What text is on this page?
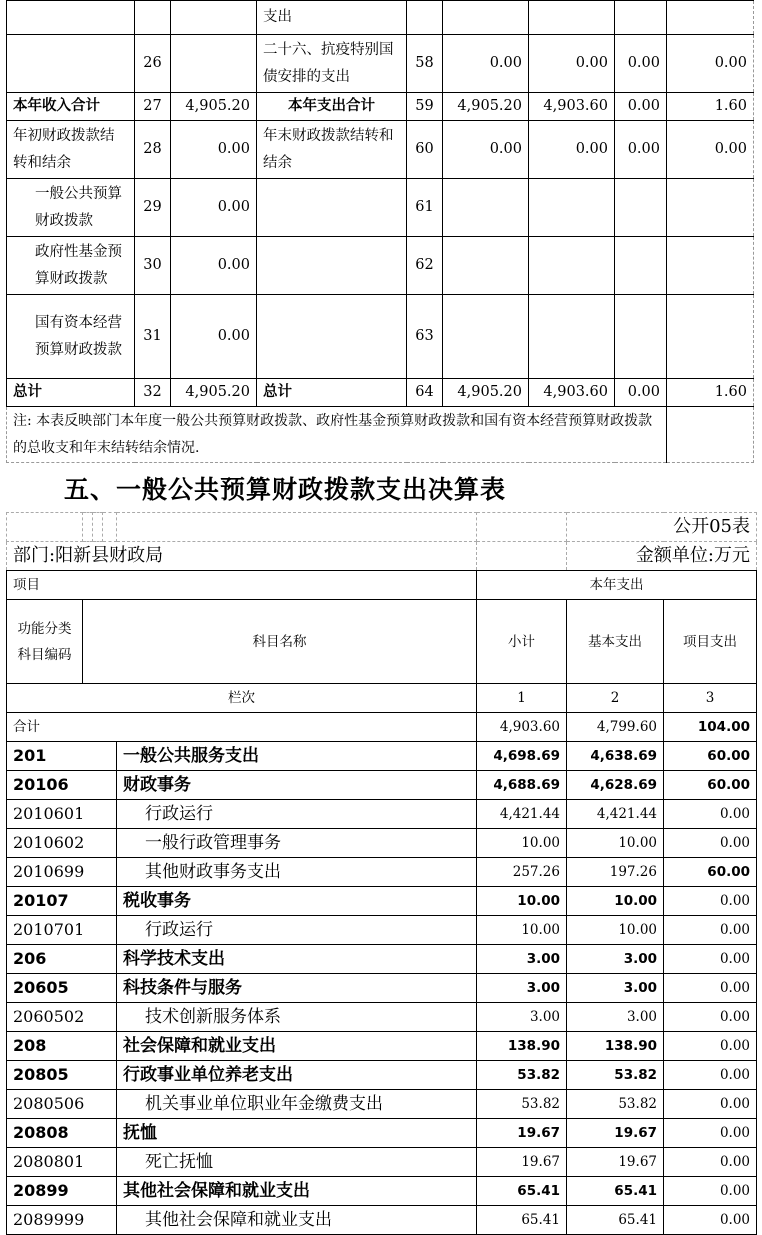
			支出					
	26		二十六、抗疫特别国债安排的支出	58	0.00	0.00	0.00	0.00
本年收入合计	27	4,905.20	本年支出合计	59	4,905.20	4,903.60	0.00	1.60
年初财政拨款结转和结余	28	0.00	年末财政拨款结转和结余	60	0.00	0.00	0.00	0.00
一般公共预算财政拨款	29	0.00		61				
政府性基金预算财政拨款	30	0.00		62				
国有资本经营预算财政拨款	31	0.00		63				
总计	32	4,905.20	总计	64	4,905.20	4,903.60	0.00	1.60
注: 本表反映部门本年度一般公共预算财政拨款、政府性基金预算财政拨款和国有资本经营预算财政拨款的总收支和年末结转结余情况.								
五、一般公共预算财政拨款支出决算表
						公开05表	
部门:阳新县财政局						金额单位:万元	
项目					本年支出		
功能分类科目编码	科目名称				小计	基本支出	项目支出
栏次					1	2	3
合计					4,903.60	4,799.60	104.00
201				一般公共服务支出	4,698.69	4,638.69	60.00
20106				财政事务	4,688.69	4,628.69	60.00
2010601				行政运行	4,421.44	4,421.44	0.00
2010602				一般行政管理事务	10.00	10.00	0.00
2010699				其他财政事务支出	257.26	197.26	60.00
20107				税收事务	10.00	10.00	0.00
2010701				行政运行	10.00	10.00	0.00
206				科学技术支出	3.00	3.00	0.00
20605				科技条件与服务	3.00	3.00	0.00
2060502				技术创新服务体系	3.00	3.00	0.00
208				社会保障和就业支出	138.90	138.90	0.00
20805				行政事业单位养老支出	53.82	53.82	0.00
2080506				机关事业单位职业年金缴费支出	53.82	53.82	0.00
20808				抚恤	19.67	19.67	0.00
2080801				死亡抚恤	19.67	19.67	0.00
20899				其他社会保障和就业支出	65.41	65.41	0.00
2089999				其他社会保障和就业支出	65.41	65.41	0.00
